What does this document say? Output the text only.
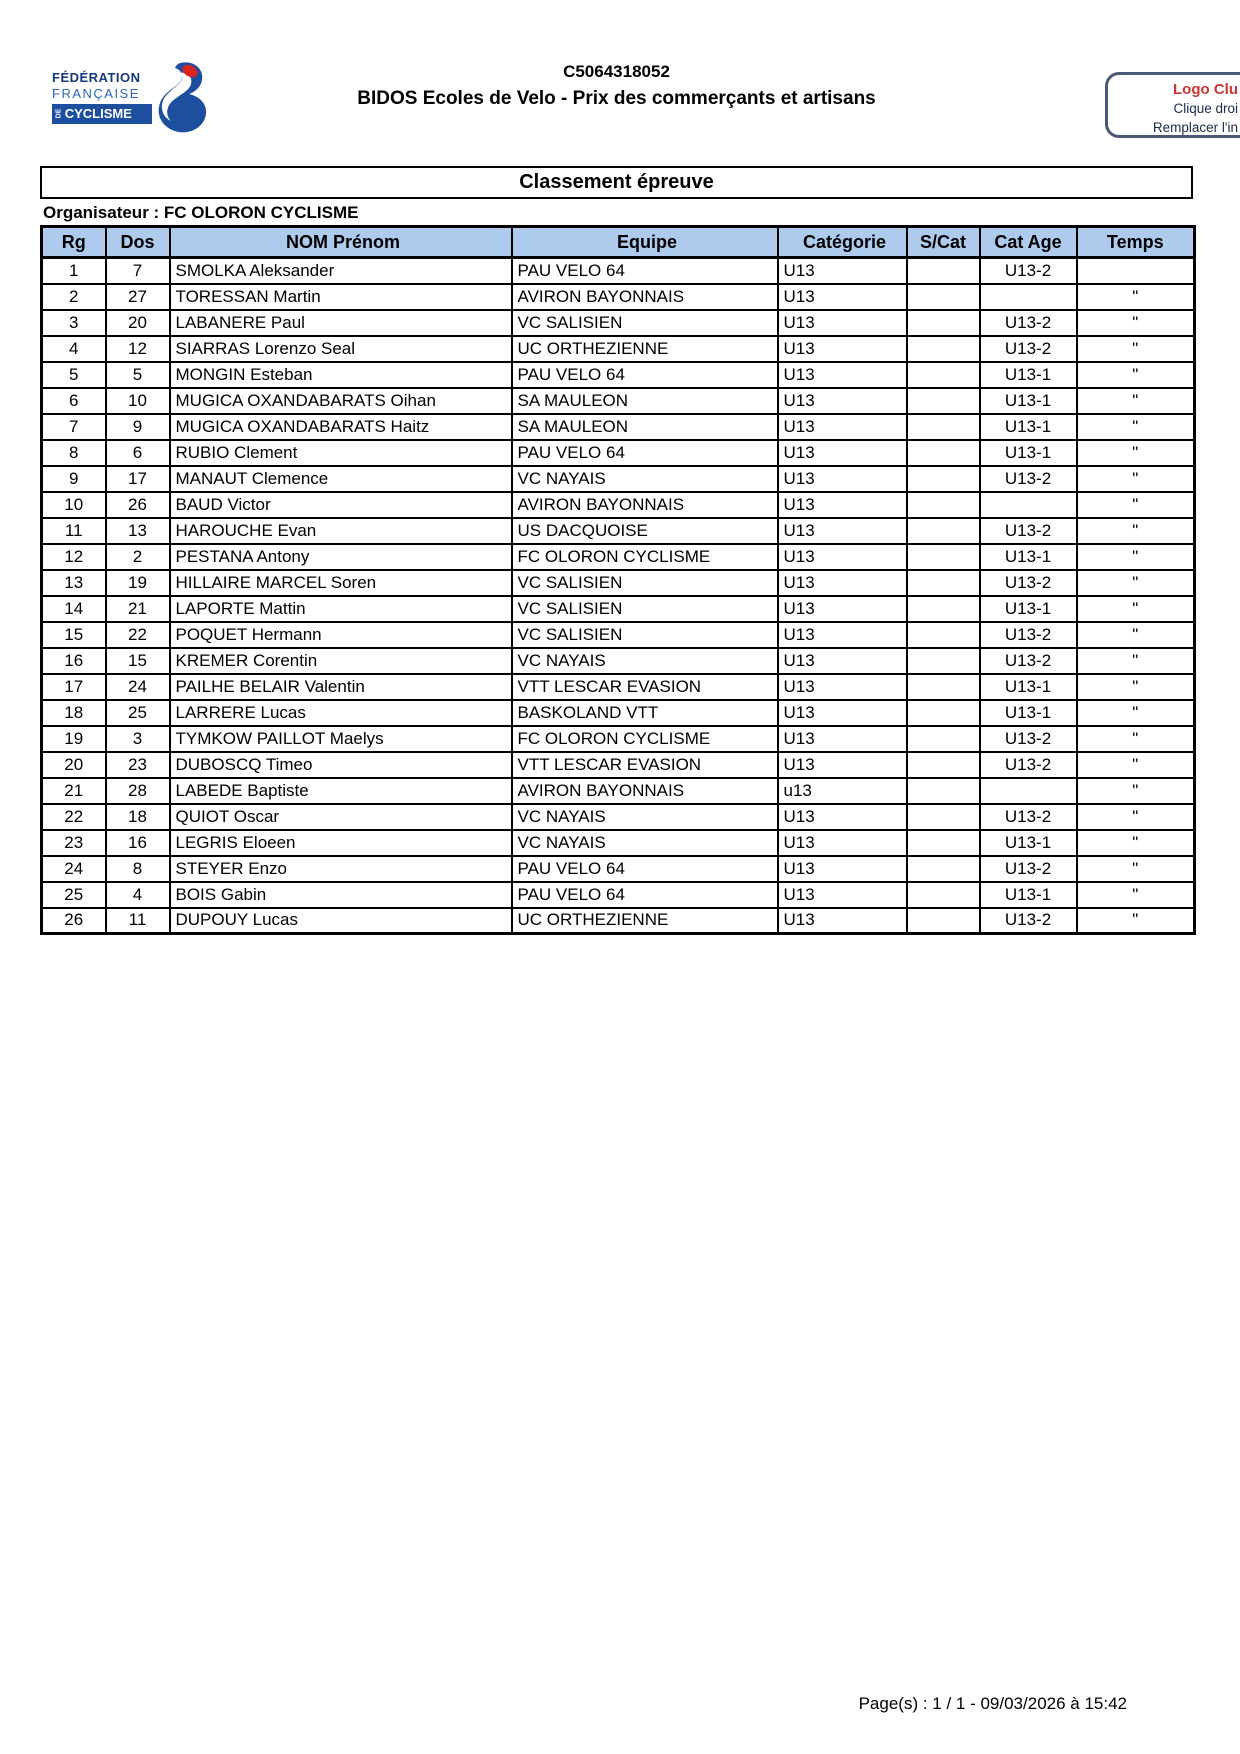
FÉDÉRATION
FRANÇAISE
DE CYCLISME
C5064318052
BIDOS Ecoles de Velo - Prix des commerçants et artisans	Logo Clu
Clique droi
Remplacer l'in
Classement épreuve
Organisateur : FC OLORON CYCLISME
Rg	Dos	NOM Prénom	Equipe	Catégorie	S/Cat	Cat Age	Temps
1	7	SMOLKA Aleksander	PAU VELO 64	U13		U13-2	
2	27	TORESSAN Martin	AVIRON BAYONNAIS	U13			"
3	20	LABANERE Paul	VC SALISIEN	U13		U13-2	"
4	12	SIARRAS Lorenzo Seal	UC ORTHEZIENNE	U13		U13-2	"
5	5	MONGIN Esteban	PAU VELO 64	U13		U13-1	"
6	10	MUGICA OXANDABARATS Oihan	SA MAULEON	U13		U13-1	"
7	9	MUGICA OXANDABARATS Haitz	SA MAULEON	U13		U13-1	"
8	6	RUBIO Clement	PAU VELO 64	U13		U13-1	"
9	17	MANAUT Clemence	VC NAYAIS	U13		U13-2	"
10	26	BAUD Victor	AVIRON BAYONNAIS	U13			"
11	13	HAROUCHE Evan	US DACQUOISE	U13		U13-2	"
12	2	PESTANA Antony	FC OLORON CYCLISME	U13		U13-1	"
13	19	HILLAIRE MARCEL Soren	VC SALISIEN	U13		U13-2	"
14	21	LAPORTE Mattin	VC SALISIEN	U13		U13-1	"
15	22	POQUET Hermann	VC SALISIEN	U13		U13-2	"
16	15	KREMER Corentin	VC NAYAIS	U13		U13-2	"
17	24	PAILHE BELAIR Valentin	VTT LESCAR EVASION	U13		U13-1	"
18	25	LARRERE Lucas	BASKOLAND VTT	U13		U13-1	"
19	3	TYMKOW PAILLOT Maelys	FC OLORON CYCLISME	U13		U13-2	"
20	23	DUBOSCQ Timeo	VTT LESCAR EVASION	U13		U13-2	"
21	28	LABEDE Baptiste	AVIRON BAYONNAIS	u13			"
22	18	QUIOT Oscar	VC NAYAIS	U13		U13-2	"
23	16	LEGRIS Eloeen	VC NAYAIS	U13		U13-1	"
24	8	STEYER Enzo	PAU VELO 64	U13		U13-2	"
25	4	BOIS Gabin	PAU VELO 64	U13		U13-1	"
26	11	DUPOUY Lucas	UC ORTHEZIENNE	U13		U13-2	"
Page(s) : 1 / 1 - 09/03/2026 à 15:42
